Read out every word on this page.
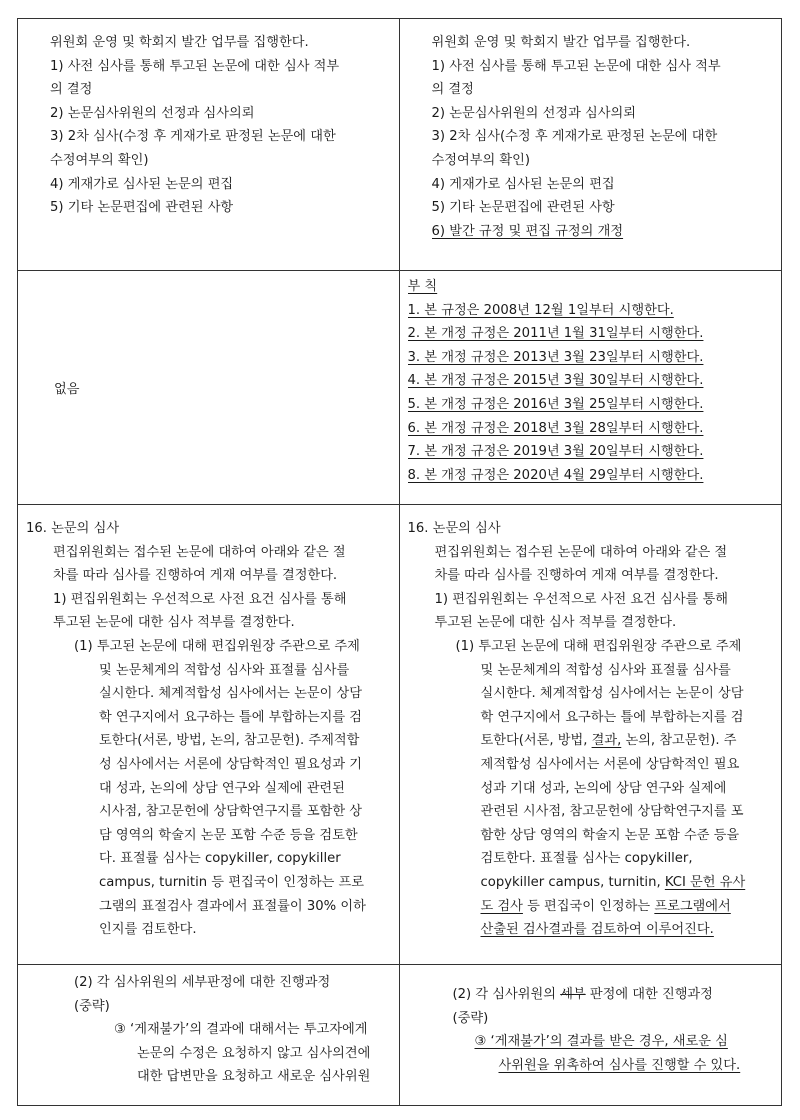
위원회 운영 및 학회지 발간 업무를 집행한다.
1) 사전 심사를 통해 투고된 논문에 대한 심사 적부
의 결정
2) 논문심사위원의 선정과 심사의뢰
3) 2차 심사(수정 후 게재가로 판정된 논문에 대한
수정여부의 확인)
4) 게재가로 심사된 논문의 편집
5) 기타 논문편집에 관련된 사항
위원회 운영 및 학회지 발간 업무를 집행한다.
1) 사전 심사를 통해 투고된 논문에 대한 심사 적부
의 결정
2) 논문심사위원의 선정과 심사의뢰
3) 2차 심사(수정 후 게재가로 판정된 논문에 대한
수정여부의 확인)
4) 게재가로 심사된 논문의 편집
5) 기타 논문편집에 관련된 사항
6) 발간 규정 및 편집 규정의 개정
없음
부 칙
1. 본 규정은 2008년 12월 1일부터 시행한다.
2. 본 개정 규정은 2011년 1월 31일부터 시행한다.
3. 본 개정 규정은 2013년 3월 23일부터 시행한다.
4. 본 개정 규정은 2015년 3월 30일부터 시행한다.
5. 본 개정 규정은 2016년 3월 25일부터 시행한다.
6. 본 개정 규정은 2018년 3월 28일부터 시행한다.
7. 본 개정 규정은 2019년 3월 20일부터 시행한다.
8. 본 개정 규정은 2020년 4월 29일부터 시행한다.
16. 논문의 심사
편집위원회는 접수된 논문에 대하여 아래와 같은 절
차를 따라 심사를 진행하여 게재 여부를 결정한다.
1) 편집위원회는 우선적으로 사전 요건 심사를 통해
투고된 논문에 대한 심사 적부를 결정한다.
(1) 투고된 논문에 대해 편집위원장 주관으로 주제
및 논문체계의 적합성 심사와 표절률 심사를
실시한다. 체계적합성 심사에서는 논문이 상담
학 연구지에서 요구하는 틀에 부합하는지를 검
토한다(서론, 방법, 논의, 참고문헌). 주제적합
성 심사에서는 서론에 상담학적인 필요성과 기
대 성과, 논의에 상담 연구와 실제에 관련된
시사점, 참고문헌에 상담학연구지를 포함한 상
담 영역의 학술지 논문 포함 수준 등을 검토한
다. 표절률 심사는 copykiller, copykiller
campus, turnitin 등 편집국이 인정하는 프로
그램의 표절검사 결과에서 표절률이 30% 이하
인지를 검토한다.
16. 논문의 심사
편집위원회는 접수된 논문에 대하여 아래와 같은 절
차를 따라 심사를 진행하여 게재 여부를 결정한다.
1) 편집위원회는 우선적으로 사전 요건 심사를 통해
투고된 논문에 대한 심사 적부를 결정한다.
(1) 투고된 논문에 대해 편집위원장 주관으로 주제
및 논문체계의 적합성 심사와 표절률 심사를
실시한다. 체계적합성 심사에서는 논문이 상담
학 연구지에서 요구하는 틀에 부합하는지를 검
토한다(서론, 방법, 결과, 논의, 참고문헌). 주
제적합성 심사에서는 서론에 상담학적인 필요
성과 기대 성과, 논의에 상담 연구와 실제에
관련된 시사점, 참고문헌에 상담학연구지를 포
함한 상담 영역의 학술지 논문 포함 수준 등을
검토한다. 표절률 심사는 copykiller,
copykiller campus, turnitin, KCI 문헌 유사
도 검사 등 편집국이 인정하는 프로그램에서
산출된 검사결과를 검토하여 이루어진다.
(2) 각 심사위원의 세부판정에 대한 진행과정
(중략)
③ ‘게재불가’의 결과에 대해서는 투고자에게
논문의 수정은 요청하지 않고 심사의견에
대한 답변만을 요청하고 새로운 심사위원
(2) 각 심사위원의 세부 판정에 대한 진행과정
(중략)
③ ‘게재불가’의 결과를 받은 경우, 새로운 심
사위원을 위촉하여 심사를 진행할 수 있다.
